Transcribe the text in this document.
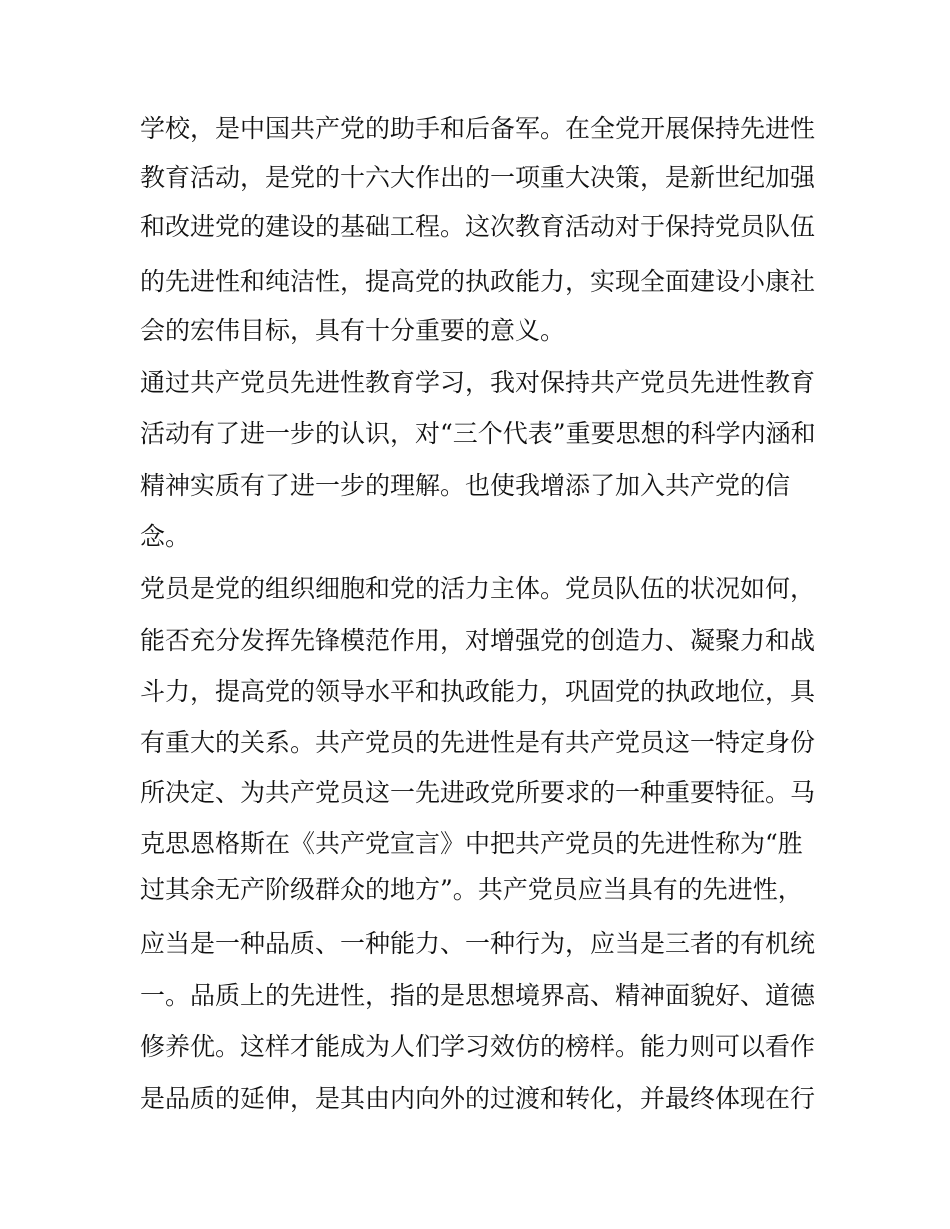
学校，是中国共产党的助手和后备军。在全党开展保持先进性
教育活动，是党的十六大作出的一项重大决策，是新世纪加强
和改进党的建设的基础工程。这次教育活动对于保持党员队伍
的先进性和纯洁性，提高党的执政能力，实现全面建设小康社
会的宏伟目标，具有十分重要的意义。
通过共产党员先进性教育学习，我对保持共产党员先进性教育
活动有了进一步的认识，对“三个代表”重要思想的科学内涵和
精神实质有了进一步的理解。也使我增添了加入共产党的信
念。
党员是党的组织细胞和党的活力主体。党员队伍的状况如何，
能否充分发挥先锋模范作用，对增强党的创造力、凝聚力和战
斗力，提高党的领导水平和执政能力，巩固党的执政地位，具
有重大的关系。共产党员的先进性是有共产党员这一特定身份
所决定、为共产党员这一先进政党所要求的一种重要特征。马
克思恩格斯在《共产党宣言》中把共产党员的先进性称为“胜
过其余无产阶级群众的地方”。共产党员应当具有的先进性，
应当是一种品质、一种能力、一种行为，应当是三者的有机统
一。品质上的先进性，指的是思想境界高、精神面貌好、道德
修养优。这样才能成为人们学习效仿的榜样。能力则可以看作
是品质的延伸，是其由内向外的过渡和转化，并最终体现在行
